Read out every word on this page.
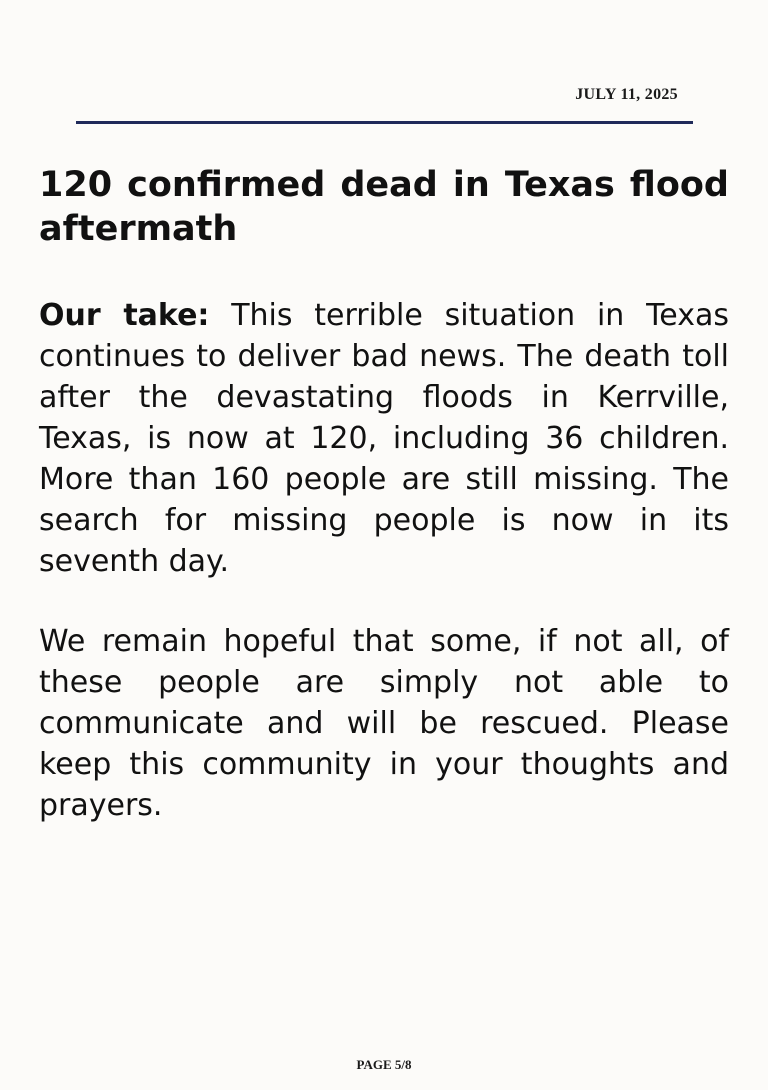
JULY 11, 2025
120 confirmed dead in Texas flood aftermath

Our take: This terrible situation in Texas continues to deliver bad news. The death toll after the devastating floods in Kerrville, Texas, is now at 120, including 36 children. More than 160 people are still missing. The search for missing people is now in its seventh day.

We remain hopeful that some, if not all, of these people are simply not able to communicate and will be rescued. Please keep this community in your thoughts and prayers.

PAGE 5/8
